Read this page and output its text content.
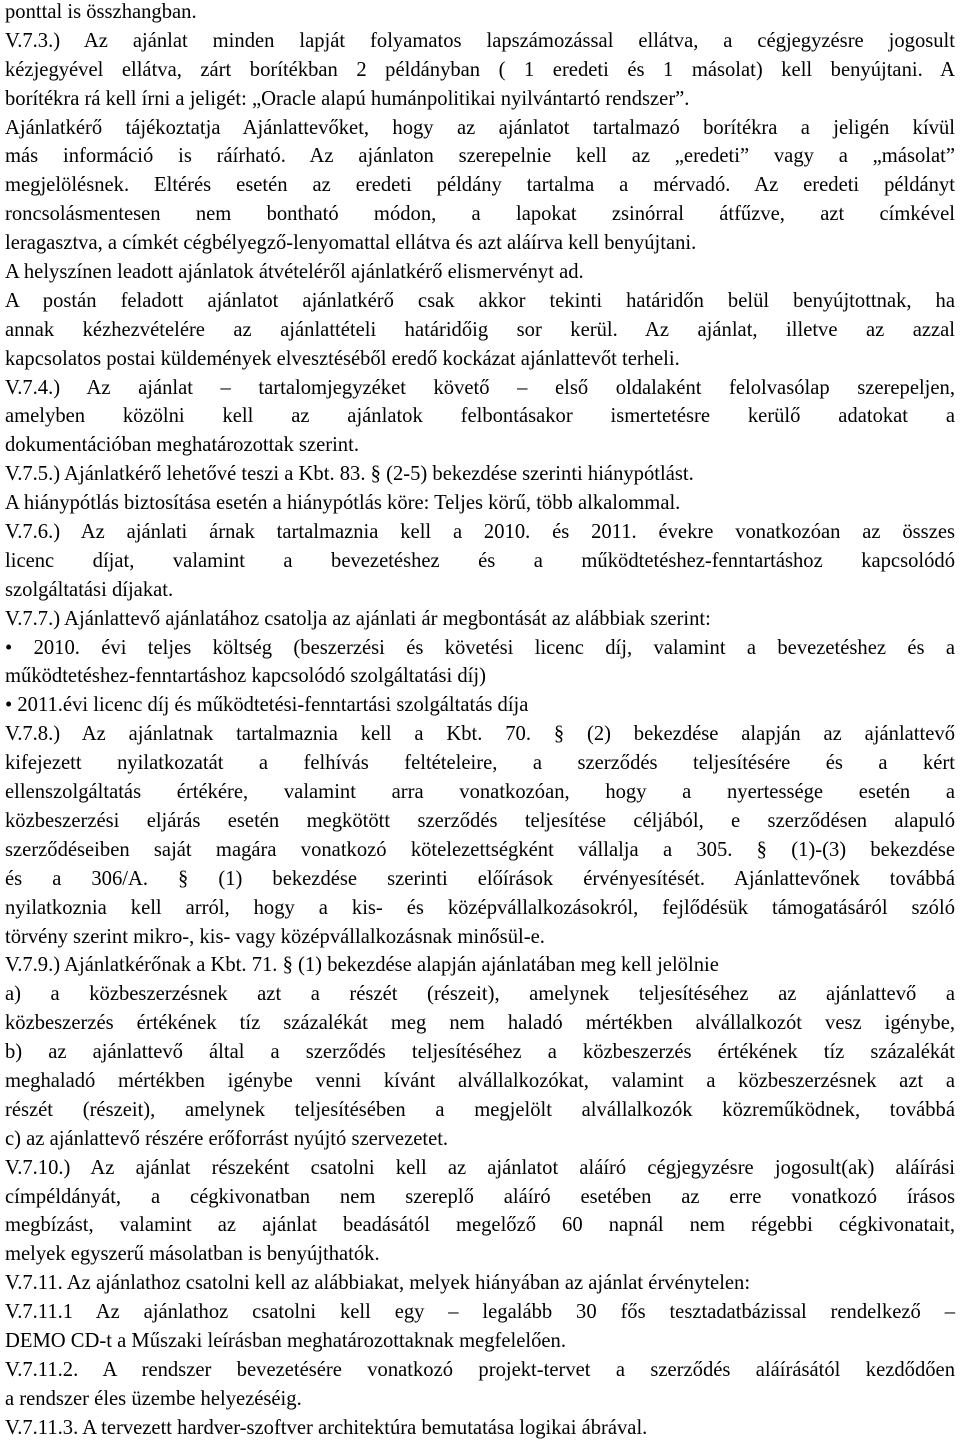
ponttal is összhangban.
V.7.3.) Az ajánlat minden lapját folyamatos lapszámozással ellátva, a cégjegyzésre jogosult
kézjegyével ellátva, zárt borítékban 2 példányban ( 1 eredeti és 1 másolat) kell benyújtani. A
borítékra rá kell írni a jeligét: „Oracle alapú humánpolitikai nyilvántartó rendszer”.
Ajánlatkérő tájékoztatja Ajánlattevőket, hogy az ajánlatot tartalmazó borítékra a jeligén kívül
más információ is ráírható. Az ajánlaton szerepelnie kell az „eredeti” vagy a „másolat”
megjelölésnek. Eltérés esetén az eredeti példány tartalma a mérvadó. Az eredeti példányt
roncsolásmentesen nem bontható módon, a lapokat zsinórral átfűzve, azt címkével
leragasztva, a címkét cégbélyegző-lenyomattal ellátva és azt aláírva kell benyújtani.
A helyszínen leadott ajánlatok átvételéről ajánlatkérő elismervényt ad.
A postán feladott ajánlatot ajánlatkérő csak akkor tekinti határidőn belül benyújtottnak, ha
annak kézhezvételére az ajánlattételi határidőig sor kerül. Az ajánlat, illetve az azzal
kapcsolatos postai küldemények elvesztéséből eredő kockázat ajánlattevőt terheli.
V.7.4.) Az ajánlat – tartalomjegyzéket követő – első oldalaként felolvasólap szerepeljen,
amelyben közölni kell az ajánlatok felbontásakor ismertetésre kerülő adatokat a
dokumentációban meghatározottak szerint.
V.7.5.) Ajánlatkérő lehetővé teszi a Kbt. 83. § (2-5) bekezdése szerinti hiánypótlást.
A hiánypótlás biztosítása esetén a hiánypótlás köre: Teljes körű, több alkalommal.
V.7.6.) Az ajánlati árnak tartalmaznia kell a 2010. és 2011. évekre vonatkozóan az összes
licenc díjat, valamint a bevezetéshez és a működtetéshez-fenntartáshoz kapcsolódó
szolgáltatási díjakat.
V.7.7.) Ajánlattevő ajánlatához csatolja az ajánlati ár megbontását az alábbiak szerint:
• 2010. évi teljes költség (beszerzési és követési licenc díj, valamint a bevezetéshez és a
működtetéshez-fenntartáshoz kapcsolódó szolgáltatási díj)
• 2011.évi licenc díj és működtetési-fenntartási szolgáltatás díja
V.7.8.) Az ajánlatnak tartalmaznia kell a Kbt. 70. § (2) bekezdése alapján az ajánlattevő
kifejezett nyilatkozatát a felhívás feltételeire, a szerződés teljesítésére és a kért
ellenszolgáltatás értékére, valamint arra vonatkozóan, hogy a nyertessége esetén a
közbeszerzési eljárás esetén megkötött szerződés teljesítése céljából, e szerződésen alapuló
szerződéseiben saját magára vonatkozó kötelezettségként vállalja a 305. § (1)-(3) bekezdése
és a 306/A. § (1) bekezdése szerinti előírások érvényesítését. Ajánlattevőnek továbbá
nyilatkoznia kell arról, hogy a kis- és középvállalkozásokról, fejlődésük támogatásáról szóló
törvény szerint mikro-, kis- vagy középvállalkozásnak minősül-e.
V.7.9.) Ajánlatkérőnak a Kbt. 71. § (1) bekezdése alapján ajánlatában meg kell jelölnie
a) a közbeszerzésnek azt a részét (részeit), amelynek teljesítéséhez az ajánlattevő a
közbeszerzés értékének tíz százalékát meg nem haladó mértékben alvállalkozót vesz igénybe,
b) az ajánlattevő által a szerződés teljesítéséhez a közbeszerzés értékének tíz százalékát
meghaladó mértékben igénybe venni kívánt alvállalkozókat, valamint a közbeszerzésnek azt a
részét (részeit), amelynek teljesítésében a megjelölt alvállalkozók közreműködnek, továbbá
c) az ajánlattevő részére erőforrást nyújtó szervezetet.
V.7.10.) Az ajánlat részeként csatolni kell az ajánlatot aláíró cégjegyzésre jogosult(ak) aláírási
címpéldányát, a cégkivonatban nem szereplő aláíró esetében az erre vonatkozó írásos
megbízást, valamint az ajánlat beadásától megelőző 60 napnál nem régebbi cégkivonatait,
melyek egyszerű másolatban is benyújthatók.
V.7.11. Az ajánlathoz csatolni kell az alábbiakat, melyek hiányában az ajánlat érvénytelen:
V.7.11.1 Az ajánlathoz csatolni kell egy – legalább 30 fős tesztadatbázissal rendelkező –
DEMO CD-t a Műszaki leírásban meghatározottaknak megfelelően.
V.7.11.2. A rendszer bevezetésére vonatkozó projekt-tervet a szerződés aláírásától kezdődően
a rendszer éles üzembe helyezéséig.
V.7.11.3. A tervezett hardver-szoftver architektúra bemutatása logikai ábrával.
